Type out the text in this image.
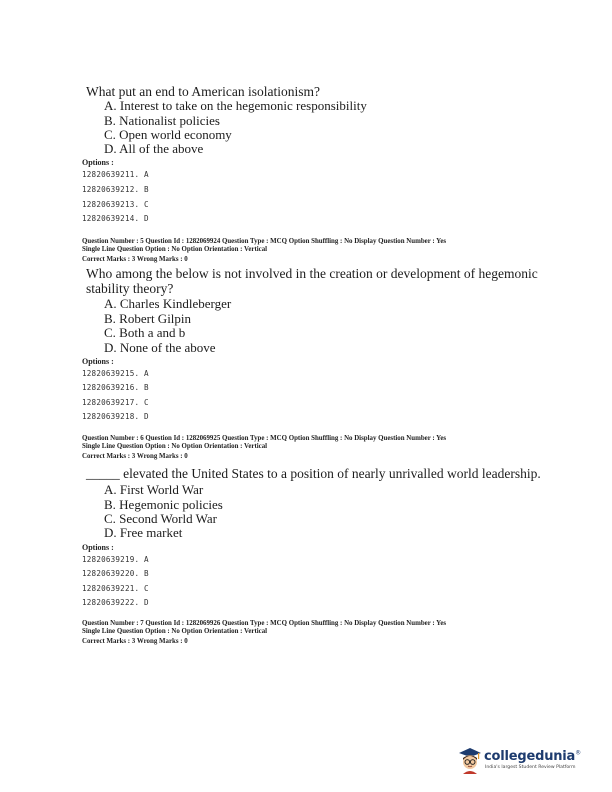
What put an end to American isolationism?
A. Interest to take on the hegemonic responsibility
B. Nationalist policies
C. Open world economy
D. All of the above
Options :
12820639211. A
12820639212. B
12820639213. C
12820639214. D
Question Number : 5 Question Id : 1282069924 Question Type : MCQ Option Shuffling : No Display Question Number : Yes
Single Line Question Option : No Option Orientation : Vertical
Correct Marks : 3 Wrong Marks : 0
Who among the below is not involved in the creation or development of hegemonic
stability theory?
A. Charles Kindleberger
B. Robert Gilpin
C. Both a and b
D. None of the above
Options :
12820639215. A
12820639216. B
12820639217. C
12820639218. D
Question Number : 6 Question Id : 1282069925 Question Type : MCQ Option Shuffling : No Display Question Number : Yes
Single Line Question Option : No Option Orientation : Vertical
Correct Marks : 3 Wrong Marks : 0
_____ elevated the United States to a position of nearly unrivalled world leadership.
A. First World War
B. Hegemonic policies
C. Second World War
D. Free market
Options :
12820639219. A
12820639220. B
12820639221. C
12820639222. D
Question Number : 7 Question Id : 1282069926 Question Type : MCQ Option Shuffling : No Display Question Number : Yes
Single Line Question Option : No Option Orientation : Vertical
Correct Marks : 3 Wrong Marks : 0
collegedunia®
India's largest Student Review Platform
